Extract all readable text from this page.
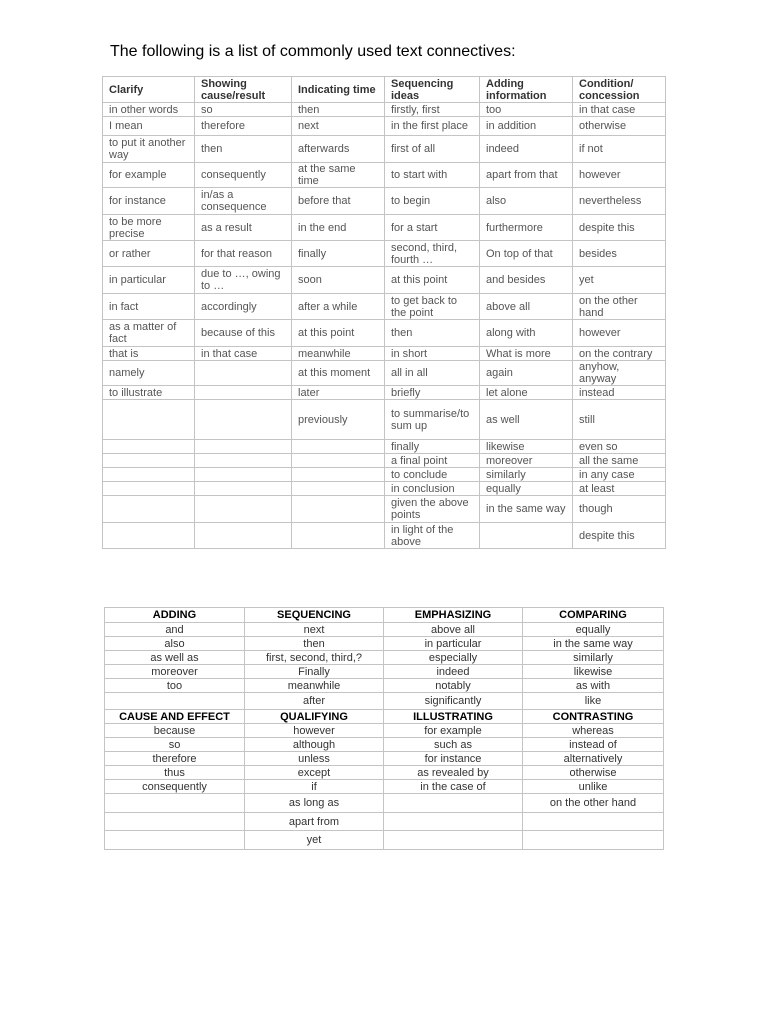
The following is a list of commonly used text connectives:
Clarify	Showing cause/result	Indicating time	Sequencing ideas	Adding information	Condition/ concession
in other words	so	then	firstly, first	too	in that case
I mean	therefore	next	in the first place	in addition	otherwise
to put it another way	then	afterwards	first of all	indeed	if not
for example	consequently	at the same time	to start with	apart from that	however
for instance	in/as a consequence	before that	to begin	also	nevertheless
to be more precise	as a result	in the end	for a start	furthermore	despite this
or rather	for that reason	finally	second, third, fourth …	On top of that	besides
in particular	due to …, owing to …	soon	at this point	and besides	yet
in fact	accordingly	after a while	to get back to the point	above all	on the other hand
as a matter of fact	because of this	at this point	then	along with	however
that is	in that case	meanwhile	in short	What is more	on the contrary
namely		at this moment	all in all	again	anyhow, anyway
to illustrate		later	briefly	let alone	instead
		previously	to summarise/to sum up	as well	still
			finally	likewise	even so
			a final point	moreover	all the same
			to conclude	similarly	in any case
			in conclusion	equally	at least
			given the above points	in the same way	though
			in light of the above		despite this
ADDING	SEQUENCING	EMPHASIZING	COMPARING
and	next	above all	equally
also	then	in particular	in the same way
as well as	first, second, third,?	especially	similarly
moreover	Finally	indeed	likewise
too	meanwhile	notably	as with
	after	significantly	like
CAUSE AND EFFECT	QUALIFYING	ILLUSTRATING	CONTRASTING
because	however	for example	whereas
so	although	such as	instead of
therefore	unless	for instance	alternatively
thus	except	as revealed by	otherwise
consequently	if	in the case of	unlike
	as long as		on the other hand
	apart from		
	yet		
